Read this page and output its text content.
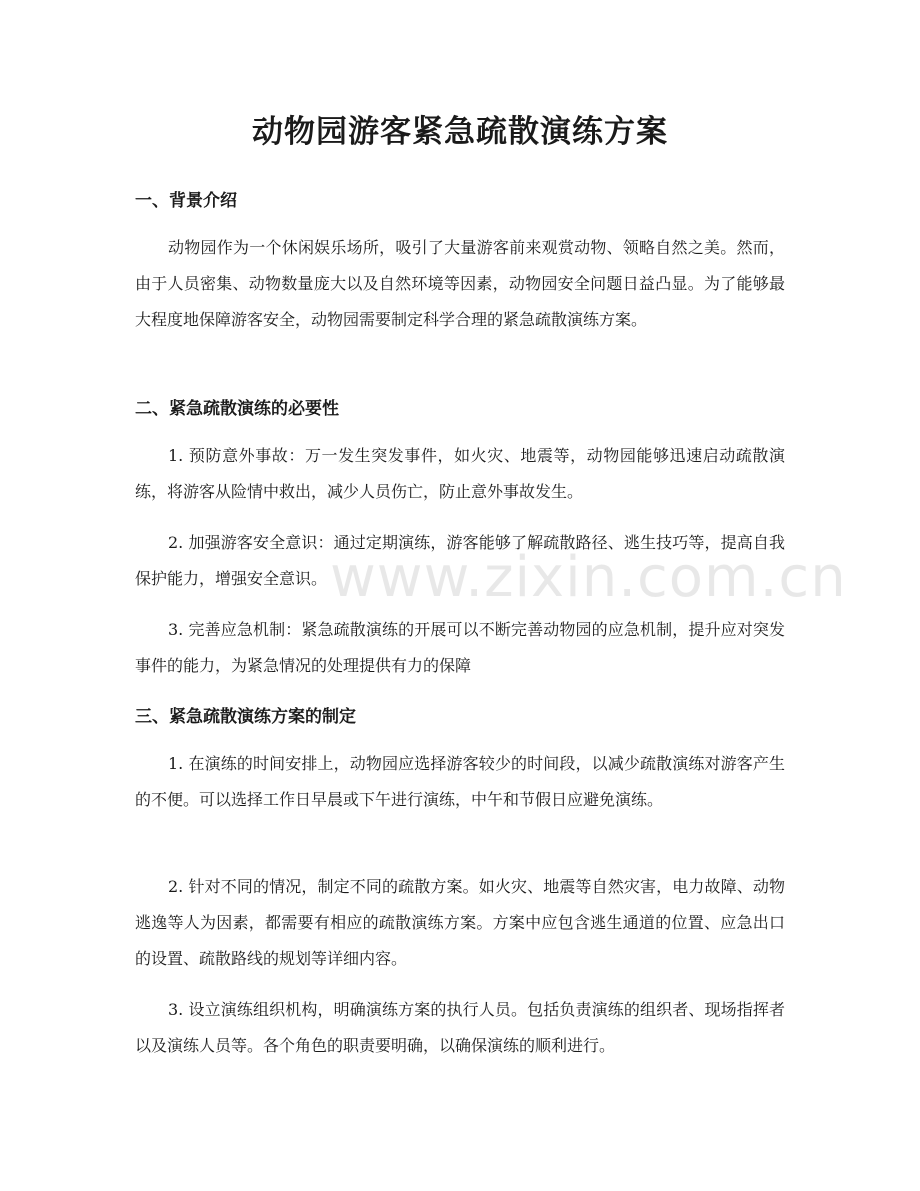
动物园游客紧急疏散演练方案
一、背景介绍

动物园作为一个休闲娱乐场所，吸引了大量游客前来观赏动物、领略自然之美。然而，由于人员密集、动物数量庞大以及自然环境等因素，动物园安全问题日益凸显。为了能够最大程度地保障游客安全，动物园需要制定科学合理的紧急疏散演练方案。

二、紧急疏散演练的必要性

1. 预防意外事故：万一发生突发事件，如火灾、地震等，动物园能够迅速启动疏散演练，将游客从险情中救出，减少人员伤亡，防止意外事故发生。

2. 加强游客安全意识：通过定期演练，游客能够了解疏散路径、逃生技巧等，提高自我保护能力，增强安全意识。

3. 完善应急机制：紧急疏散演练的开展可以不断完善动物园的应急机制，提升应对突发事件的能力，为紧急情况的处理提供有力的保障

三、紧急疏散演练方案的制定

1. 在演练的时间安排上，动物园应选择游客较少的时间段，以减少疏散演练对游客产生的不便。可以选择工作日早晨或下午进行演练，中午和节假日应避免演练。

2. 针对不同的情况，制定不同的疏散方案。如火灾、地震等自然灾害，电力故障、动物逃逸等人为因素，都需要有相应的疏散演练方案。方案中应包含逃生通道的位置、应急出口的设置、疏散路线的规划等详细内容。

3. 设立演练组织机构，明确演练方案的执行人员。包括负责演练的组织者、现场指挥者以及演练人员等。各个角色的职责要明确，以确保演练的顺利进行。

www.zixin.com.cn
